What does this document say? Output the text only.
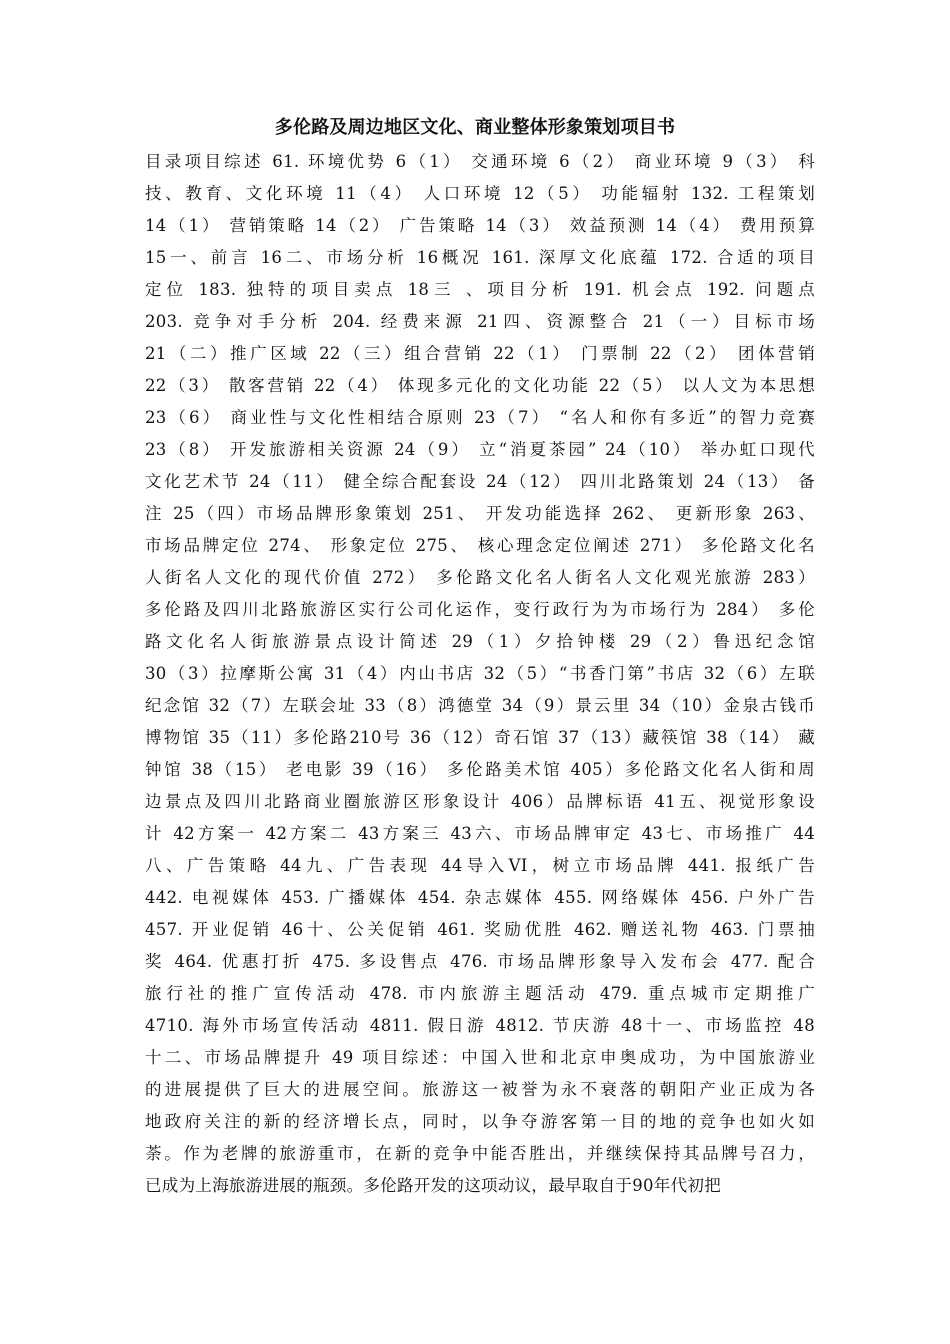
多伦路及周边地区文化、商业整体形象策划项目书
目录项目综述 61. 环境优势 6（1） 交通环境 6（2） 商业环境 9（3） 科
技、教育、文化环境 11（4） 人口环境 12（5） 功能辐射 132. 工程策划
14（1） 营销策略 14（2） 广告策略 14（3） 效益预测 14（4） 费用预算
15一、前言 16二、市场分析 16概况 161. 深厚文化底蕴 172. 合适的项目
定位 183. 独特的项目卖点 18三 、项目分析 191. 机会点 192. 问题点
203. 竞争对手分析 204. 经费来源 21四、资源整合 21（一）目标市场
21（二）推广区域 22（三）组合营销 22（1） 门票制 22（2） 团体营销
22（3） 散客营销 22（4） 体现多元化的文化功能 22（5） 以人文为本思想
23（6） 商业性与文化性相结合原则 23（7） “名人和你有多近”的智力竞赛
23（8） 开发旅游相关资源 24（9） 立“消夏茶园” 24（10） 举办虹口现代
文化艺术节 24（11） 健全综合配套设 24（12） 四川北路策划 24（13） 备
注 25（四）市场品牌形象策划 251、 开发功能选择 262、 更新形象 263、
市场品牌定位 274、 形象定位 275、 核心理念定位阐述 271） 多伦路文化名
人街名人文化的现代价值 272） 多伦路文化名人街名人文化观光旅游 283）
多伦路及四川北路旅游区实行公司化运作，变行政行为为市场行为 284） 多伦
路文化名人街旅游景点设计简述 29（1）夕拾钟楼 29（2）鲁迅纪念馆
30（3）拉摩斯公寓 31（4）内山书店 32（5）“书香门第”书店 32（6）左联
纪念馆 32（7）左联会址 33（8）鸿德堂 34（9）景云里 34（10）金泉古钱币
博物馆 35（11）多伦路210号 36（12）奇石馆 37（13）藏筷馆 38（14） 藏
钟馆 38（15） 老电影 39（16） 多伦路美术馆 405）多伦路文化名人街和周
边景点及四川北路商业圈旅游区形象设计 406）品牌标语 41五、视觉形象设
计 42方案一 42方案二 43方案三 43六、市场品牌审定 43七、市场推广 44
八、广告策略 44九、广告表现 44导入VI，树立市场品牌 441. 报纸广告
442. 电视媒体 453. 广播媒体 454. 杂志媒体 455. 网络媒体 456. 户外广告
457. 开业促销 46十、公关促销 461. 奖励优胜 462. 赠送礼物 463. 门票抽
奖 464. 优惠打折 475. 多设售点 476. 市场品牌形象导入发布会 477. 配合
旅行社的推广宣传活动 478. 市内旅游主题活动 479. 重点城市定期推广
4710. 海外市场宣传活动 4811. 假日游 4812. 节庆游 48十一、市场监控 48
十二、市场品牌提升 49 项目综述：中国入世和北京申奥成功，为中国旅游业
的进展提供了巨大的进展空间。旅游这一被誉为永不衰落的朝阳产业正成为各
地政府关注的新的经济增长点，同时，以争夺游客第一目的地的竞争也如火如
荼。作为老牌的旅游重市，在新的竞争中能否胜出，并继续保持其品牌号召力，
已成为上海旅游进展的瓶颈。多伦路开发的这项动议，最早取自于90年代初把
